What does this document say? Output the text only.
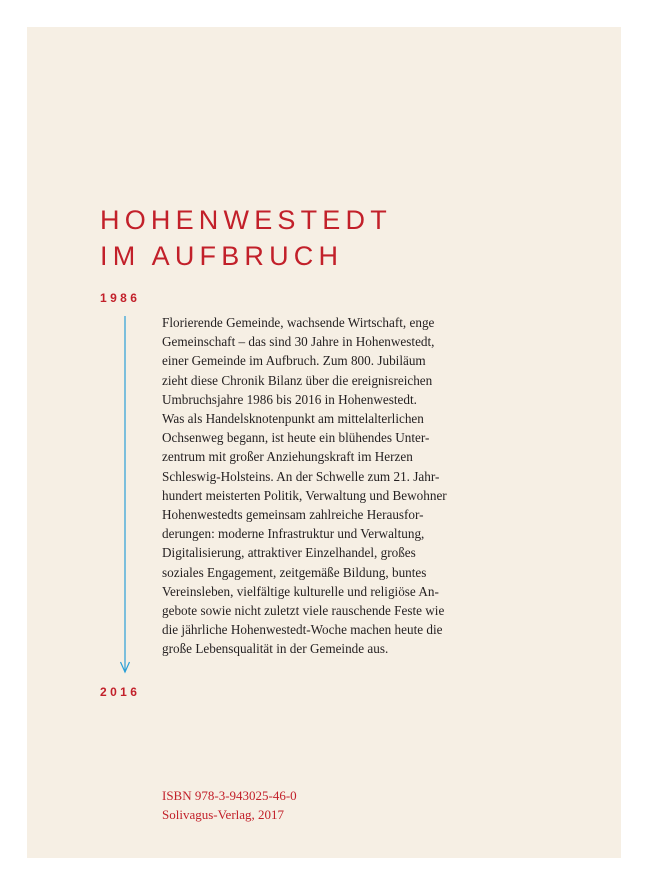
HOHENWESTEDT
IM AUFBRUCH
1986
2016

Florierende Gemeinde, wachsende Wirtschaft, enge
Gemeinschaft – das sind 30 Jahre in Hohenwestedt,
einer Gemeinde im Aufbruch. Zum 800. Jubiläum
zieht diese Chronik Bilanz über die ereignisreichen
Umbruchsjahre 1986 bis 2016 in Hohenwestedt.
Was als Handelsknotenpunkt am mittelalterlichen
Ochsenweg begann, ist heute ein blühendes Unter-
zentrum mit großer Anziehungskraft im Herzen
Schleswig-Holsteins. An der Schwelle zum 21. Jahr-
hundert meisterten Politik, Verwaltung und Bewohner
Hohenwestedts gemeinsam zahlreiche Herausfor-
derungen: moderne Infrastruktur und Verwaltung,
Digitalisierung, attraktiver Einzelhandel, großes
soziales Engagement, zeitgemäße Bildung, buntes
Vereinsleben, vielfältige kulturelle und religiöse An-
gebote sowie nicht zuletzt viele rauschende Feste wie
die jährliche Hohenwestedt-Woche machen heute die
große Lebensqualität in der Gemeinde aus.

ISBN 978-3-943025-46-0
Solivagus-Verlag, 2017
